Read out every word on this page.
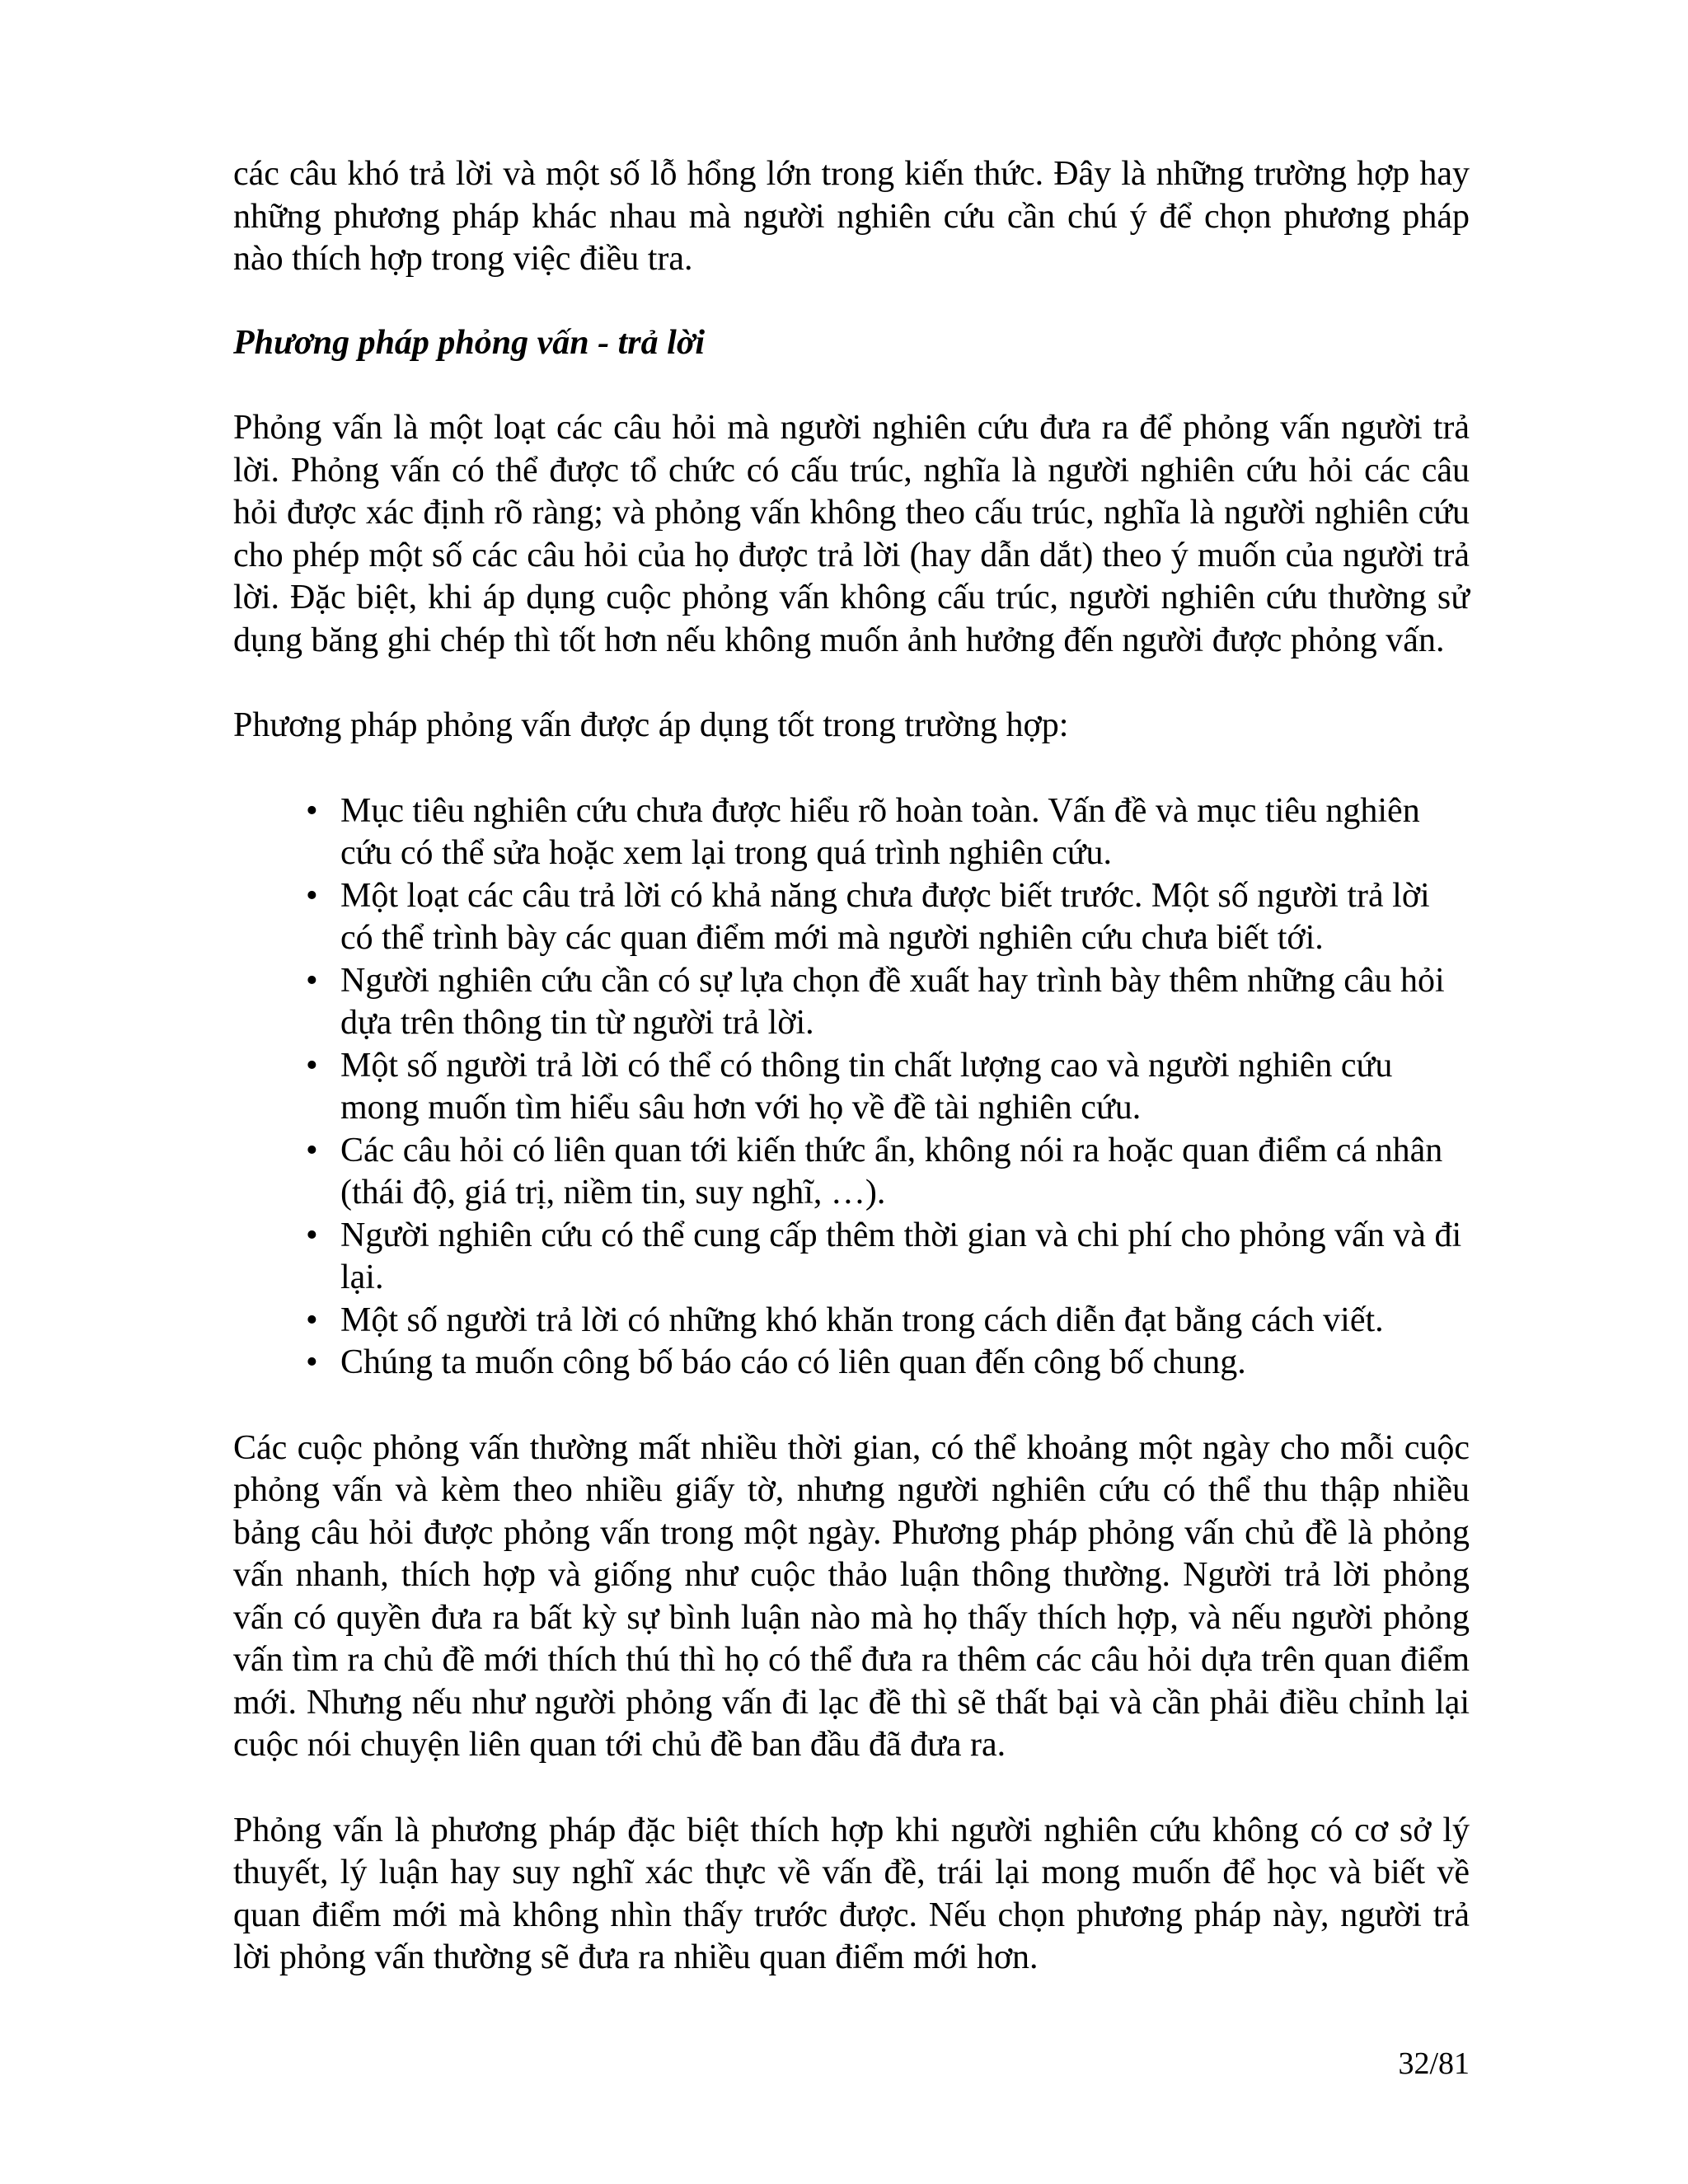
các câu khó trả lời và một số lỗ hổng lớn trong kiến thức. Đây là những trường hợp hay những phương pháp khác nhau mà người nghiên cứu cần chú ý để chọn phương pháp nào thích hợp trong việc điều tra.

Phương pháp phỏng vấn - trả lời

Phỏng vấn là một loạt các câu hỏi mà người nghiên cứu đưa ra để phỏng vấn người trả lời. Phỏng vấn có thể được tổ chức có cấu trúc, nghĩa là người nghiên cứu hỏi các câu hỏi được xác định rõ ràng; và phỏng vấn không theo cấu trúc, nghĩa là người nghiên cứu cho phép một số các câu hỏi của họ được trả lời (hay dẫn dắt) theo ý muốn của người trả lời. Đặc biệt, khi áp dụng cuộc phỏng vấn không cấu trúc, người nghiên cứu thường sử dụng băng ghi chép thì tốt hơn nếu không muốn ảnh hưởng đến người được phỏng vấn.

Phương pháp phỏng vấn được áp dụng tốt trong trường hợp:

• Mục tiêu nghiên cứu chưa được hiểu rõ hoàn toàn. Vấn đề và mục tiêu nghiên cứu có thể sửa hoặc xem lại trong quá trình nghiên cứu.
• Một loạt các câu trả lời có khả năng chưa được biết trước. Một số người trả lời có thể trình bày các quan điểm mới mà người nghiên cứu chưa biết tới.
• Người nghiên cứu cần có sự lựa chọn đề xuất hay trình bày thêm những câu hỏi dựa trên thông tin từ người trả lời.
• Một số người trả lời có thể có thông tin chất lượng cao và người nghiên cứu mong muốn tìm hiểu sâu hơn với họ về đề tài nghiên cứu.
• Các câu hỏi có liên quan tới kiến thức ẩn, không nói ra hoặc quan điểm cá nhân (thái độ, giá trị, niềm tin, suy nghĩ, …).
• Người nghiên cứu có thể cung cấp thêm thời gian và chi phí cho phỏng vấn và đi lại.
• Một số người trả lời có những khó khăn trong cách diễn đạt bằng cách viết.
• Chúng ta muốn công bố báo cáo có liên quan đến công bố chung.

Các cuộc phỏng vấn thường mất nhiều thời gian, có thể khoảng một ngày cho mỗi cuộc phỏng vấn và kèm theo nhiều giấy tờ, nhưng người nghiên cứu có thể thu thập nhiều bảng câu hỏi được phỏng vấn trong một ngày. Phương pháp phỏng vấn chủ đề là phỏng vấn nhanh, thích hợp và giống như cuộc thảo luận thông thường. Người trả lời phỏng vấn có quyền đưa ra bất kỳ sự bình luận nào mà họ thấy thích hợp, và nếu người phỏng vấn tìm ra chủ đề mới thích thú thì họ có thể đưa ra thêm các câu hỏi dựa trên quan điểm mới. Nhưng nếu như người phỏng vấn đi lạc đề thì sẽ thất bại và cần phải điều chỉnh lại cuộc nói chuyện liên quan tới chủ đề ban đầu đã đưa ra.

Phỏng vấn là phương pháp đặc biệt thích hợp khi người nghiên cứu không có cơ sở lý thuyết, lý luận hay suy nghĩ xác thực về vấn đề, trái lại mong muốn để học và biết về quan điểm mới mà không nhìn thấy trước được. Nếu chọn phương pháp này, người trả lời phỏng vấn thường sẽ đưa ra nhiều quan điểm mới hơn.

32/81
